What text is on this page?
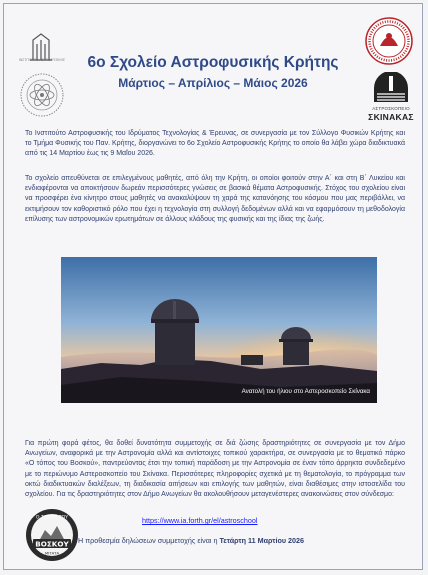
ΙΝΣΤΙΤΟΥΤΟ ΑΣΤΡΟΦΥΣΙΚΗΣ
ΑΣΤΡΟΣΚΟΠΕΙΟ
ΣΚΙΝΑΚΑΣ
6ο Σχολείο Αστροφυσικής Κρήτης
Μάρτιος – Απρίλιος – Μάιος 2026

Το Ινστιτούτο Αστροφυσικής του Ιδρύματος Τεχνολογίας & Έρευνας, σε συνεργασία με τον Σύλλογο Φυσικών Κρήτης και το Τμήμα Φυσικής του Παν. Κρήτης, διοργανώνει το 6ο Σχολείο Αστροφυσικής Κρήτης το οποίο θα λάβει χώρα διαδικτυακά από τις 14 Μαρτίου έως τις 9 Μαΐου 2026.

Το σχολείο απευθύνεται σε επιλεγμένους μαθητές, από όλη την Κρήτη, οι οποίοι φοιτούν στην Α΄ και στη Β΄ Λυκείου και ενδιαφέρονται να αποκτήσουν δωρεάν περισσότερες γνώσεις σε βασικά θέματα Αστροφυσικής. Στόχος του σχολείου είναι να προσφέρει ένα κίνητρο στους μαθητές να ανακαλύψουν τη χαρά της κατανόησης του κόσμου που μας περιβάλλει, να εκτιμήσουν τον καθοριστικό ρόλο που έχει η τεχνολογία στη συλλογή δεδομένων αλλά και να εφαρμόσουν τη μεθοδολογία επίλυσης των αστρονομικών ερωτημάτων σε άλλους κλάδους της φυσικής και της ίδιας της ζωής.

Ανατολή του ήλιου στο Αστεροσκοπείο Σκίνακα

Για πρώτη φορά φέτος, θα δοθεί δυνατότητα συμμετοχής σε διά ζώσης δραστηριότητες σε συνεργασία με τον Δήμο Ανωγείων, αναφορικά με την Αστρονομία αλλά και αντίστοιχες τοπικού χαρακτήρα, σε συνεργασία με το θεματικό πάρκο «Ο τόπος του Βοσκού», παντρεύοντας έτσι την τοπική παράδοση με την Αστρονομία σε έναν τόπο άρρηκτα συνδεδεμένο με το περιώνυμο Αστεροσκοπείο του Σκίνακα. Περισσότερες πληροφορίες σχετικά με τη θεματολογία, το πρόγραμμα των οκτώ διαδικτυακών διαλέξεων, τη διαδικασία αιτήσεων και επιλογής των μαθητών, είναι διαθέσιμες στην ιστοσελίδα του σχολείου. Για τις δραστηριότητες στον Δήμο Ανωγείων θα ακολουθήσουν μεταγενέστερες ανακοινώσεις στον σύνδεσμο:

https://www.ia.forth.gr/el/astroschool
Ο ΤΟΠΟΣ ΤΟΥ
ΒΟΣΚΟΥ
ΜΙΤΑΤΑ
Η προθεσμία δηλώσεων συμμετοχής είναι η Τετάρτη 11 Μαρτίου 2026
